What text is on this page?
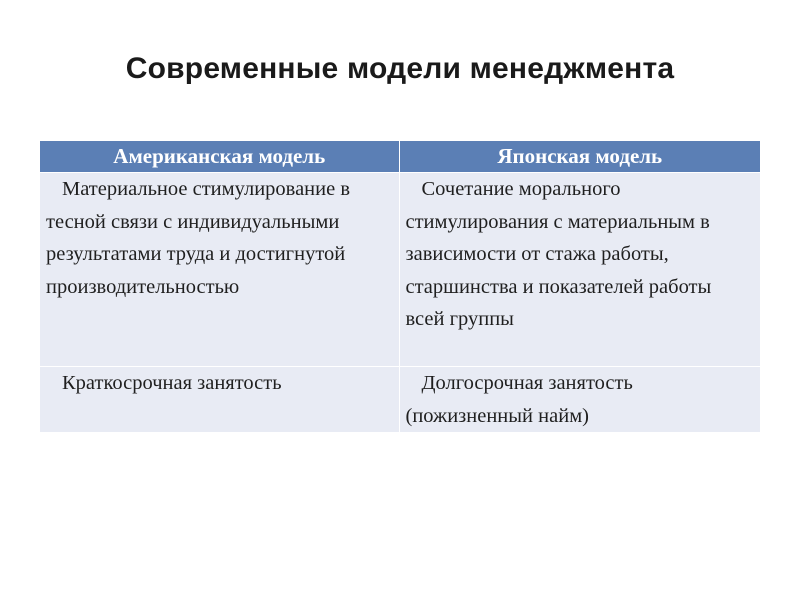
Современные модели менеджмента
Американская модель	Японская модель
Материальное стимулирование в тесной связи с индивидуальными результатами труда и достигнутой производительностью	Сочетание морального стимулирования с материальным в зависимости от стажа работы, старшинства и показателей работы всей группы
Краткосрочная занятость	Долгосрочная занятость (пожизненный найм)
